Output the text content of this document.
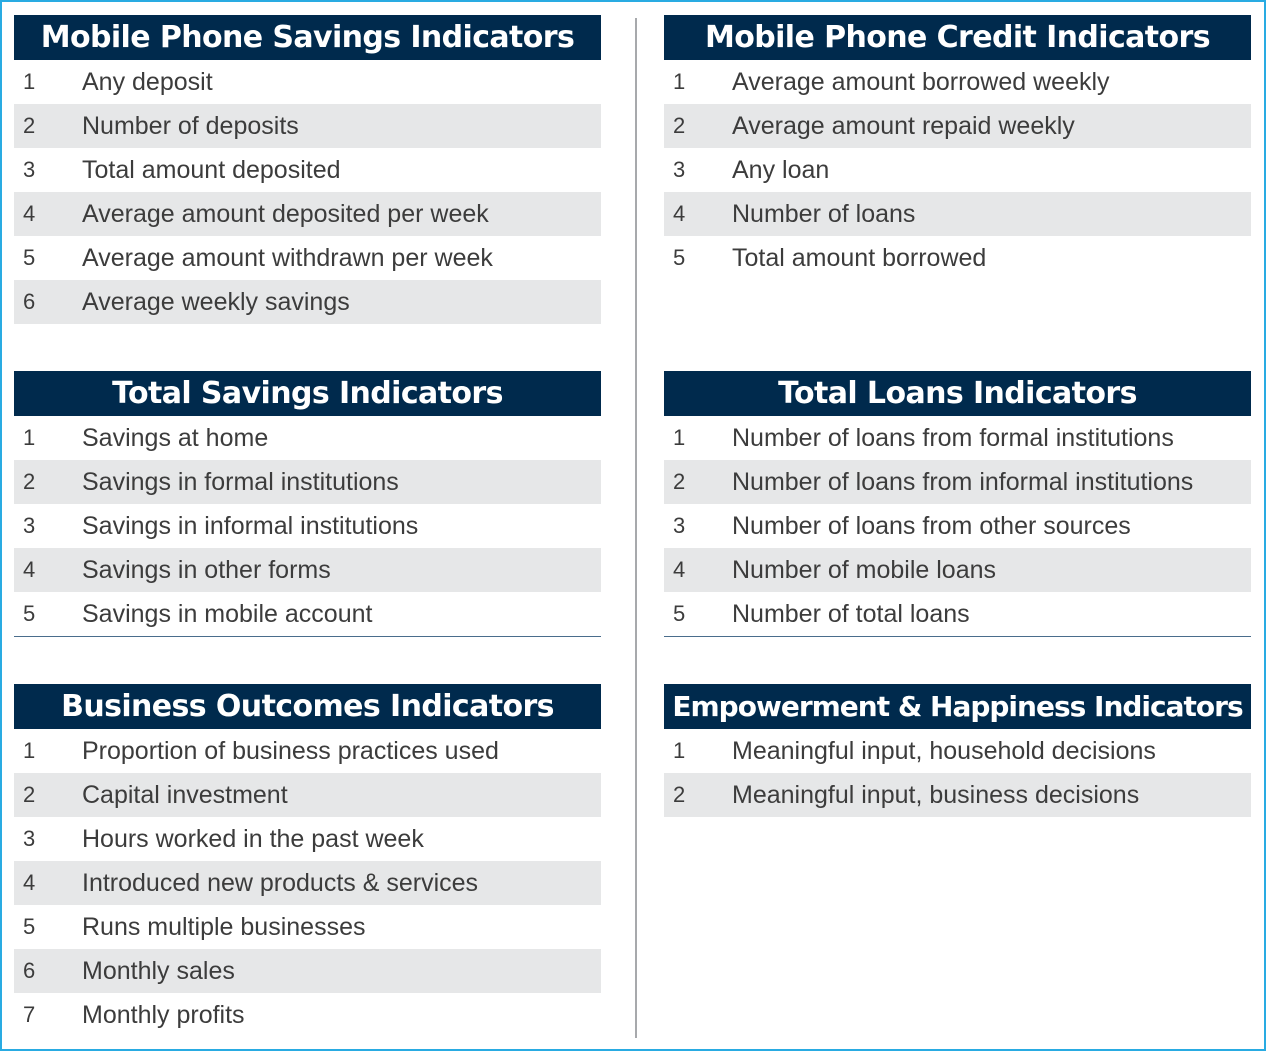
Mobile Phone Savings Indicators
1	Any deposit
2	Number of deposits
3	Total amount deposited
4	Average amount deposited per week
5	Average amount withdrawn per week
6	Average weekly savings
Mobile Phone Credit Indicators
1	Average amount borrowed weekly
2	Average amount repaid weekly
3	Any loan
4	Number of loans
5	Total amount borrowed
Total Savings Indicators
1	Savings at home
2	Savings in formal institutions
3	Savings in informal institutions
4	Savings in other forms
5	Savings in mobile account
Total Loans Indicators
1	Number of loans from formal institutions
2	Number of loans from informal institutions
3	Number of loans from other sources
4	Number of mobile loans
5	Number of total loans
Business Outcomes Indicators
1	Proportion of business practices used
2	Capital investment
3	Hours worked in the past week
4	Introduced new products & services
5	Runs multiple businesses
6	Monthly sales
7	Monthly profits
Empowerment & Happiness Indicators
1	Meaningful input, household decisions
2	Meaningful input, business decisions
